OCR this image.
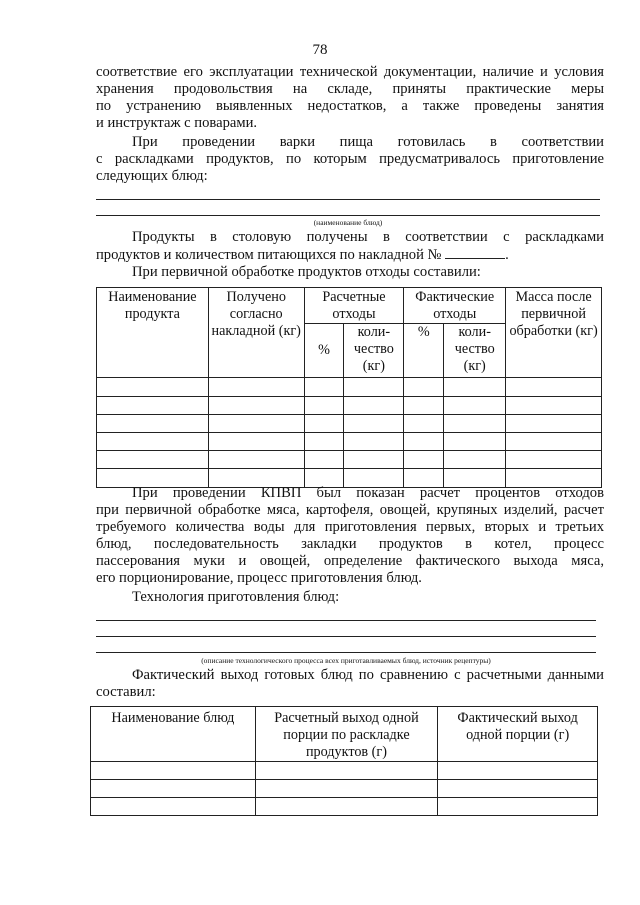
78
соответствие его эксплуатации технической документации, наличие и условия
хранения продовольствия на складе, приняты практические меры
по устранению выявленных недостатков, а также проведены занятия
и инструктаж с поварами.
При проведении варки пища готовилась в соответствии
с раскладками продуктов, по которым предусматривалось приготовление
следующих блюд:
(наименование блюд)
Продукты в столовую получены в соответствии с раскладками
продуктов и количеством питающихся по накладной №	.
При первичной обработке продуктов отходы составили:
Наименование продукта	Получено согласно накладной (кг)	Расчетные отходы		Фактические отходы		Масса после первичной обработки (кг)
		%	коли-чество (кг)	%	коли-чество (кг)	

При проведении КПВП был показан расчет процентов отходов
при первичной обработке мяса, картофеля, овощей, крупяных изделий, расчет
требуемого количества воды для приготовления первых, вторых и третьих
блюд, последовательность закладки продуктов в котел, процесс
пассерования муки и овощей, определение фактического выхода мяса,
его порционирование, процесс приготовления блюд.
Технология приготовления блюд:
(описание технологического процесса всех приготавливаемых блюд, источник рецептуры)
Фактический выход готовых блюд по сравнению с расчетными данными
составил:
Наименование блюд	Расчетный выход одной порции по раскладке продуктов (г)	Фактический выход одной порции (г)
